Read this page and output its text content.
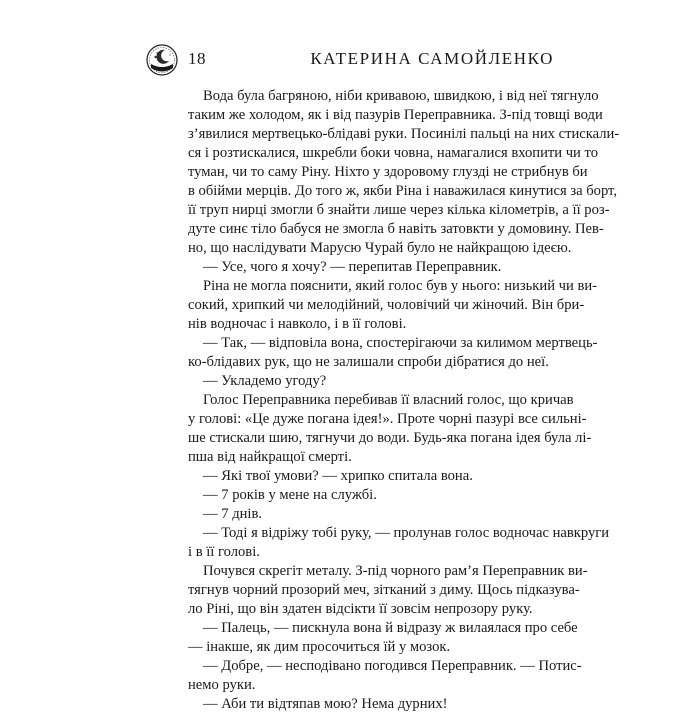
18	КАТЕРИНА САМОЙЛЕНКО
Вода була багряною, ніби кривавою, швидкою, і від неї тягнуло
таким же холодом, як і від пазурів Переправника. З-під товщі води
з’явилися мертвецько-блідаві руки. Посинілі пальці на них стискали-
ся і розтискалися, шкребли боки човна, намагалися вхопити чи то
туман, чи то саму Ріну. Ніхто у здоровому глузді не стрибнув би
в обійми мерців. До того ж, якби Ріна і наважилася кинутися за борт,
її труп нирці змогли б знайти лише через кілька кілометрів, а її роз-
дуте синє тіло бабуся не змогла б навіть затовкти у домовину. Пев-
но, що наслідувати Марусю Чурай було не найкращою ідеєю.
— Усе, чого я хочу? — перепитав Переправник.
Ріна не могла пояснити, який голос був у нього: низький чи ви-
сокий, хрипкий чи мелодійний, чоловічий чи жіночий. Він бри-
нів водночас і навколо, і в її голові.
— Так, — відповіла вона, спостерігаючи за килимом мертвець-
ко-блідавих рук, що не залишали спроби дібратися до неї.
— Укладемо угоду?
Голос Переправника перебивав її власний голос, що кричав
у голові: «Це дуже погана ідея!». Проте чорні пазурі все сильні-
ше стискали шию, тягнучи до води. Будь-яка погана ідея була лі-
пша від найкращої смерті.
— Які твої умови? — хрипко спитала вона.
— 7 років у мене на службі.
— 7 днів.
— Тоді я відріжу тобі руку, — пролунав голос водночас навкруги
і в її голові.
Почувся скрегіт металу. З-під чорного рам’я Переправник ви-
тягнув чорний прозорий меч, зітканий з диму. Щось підказува-
ло Ріні, що він здатен відсікти її зовсім непрозору руку.
— Палець, — пискнула вона й відразу ж вилаялася про себе
— інакше, як дим просочиться їй у мозок.
— Добре, — несподівано погодився Переправник. — Потис-
немо руки.
— Аби ти відтяпав мою? Нема дурних!
